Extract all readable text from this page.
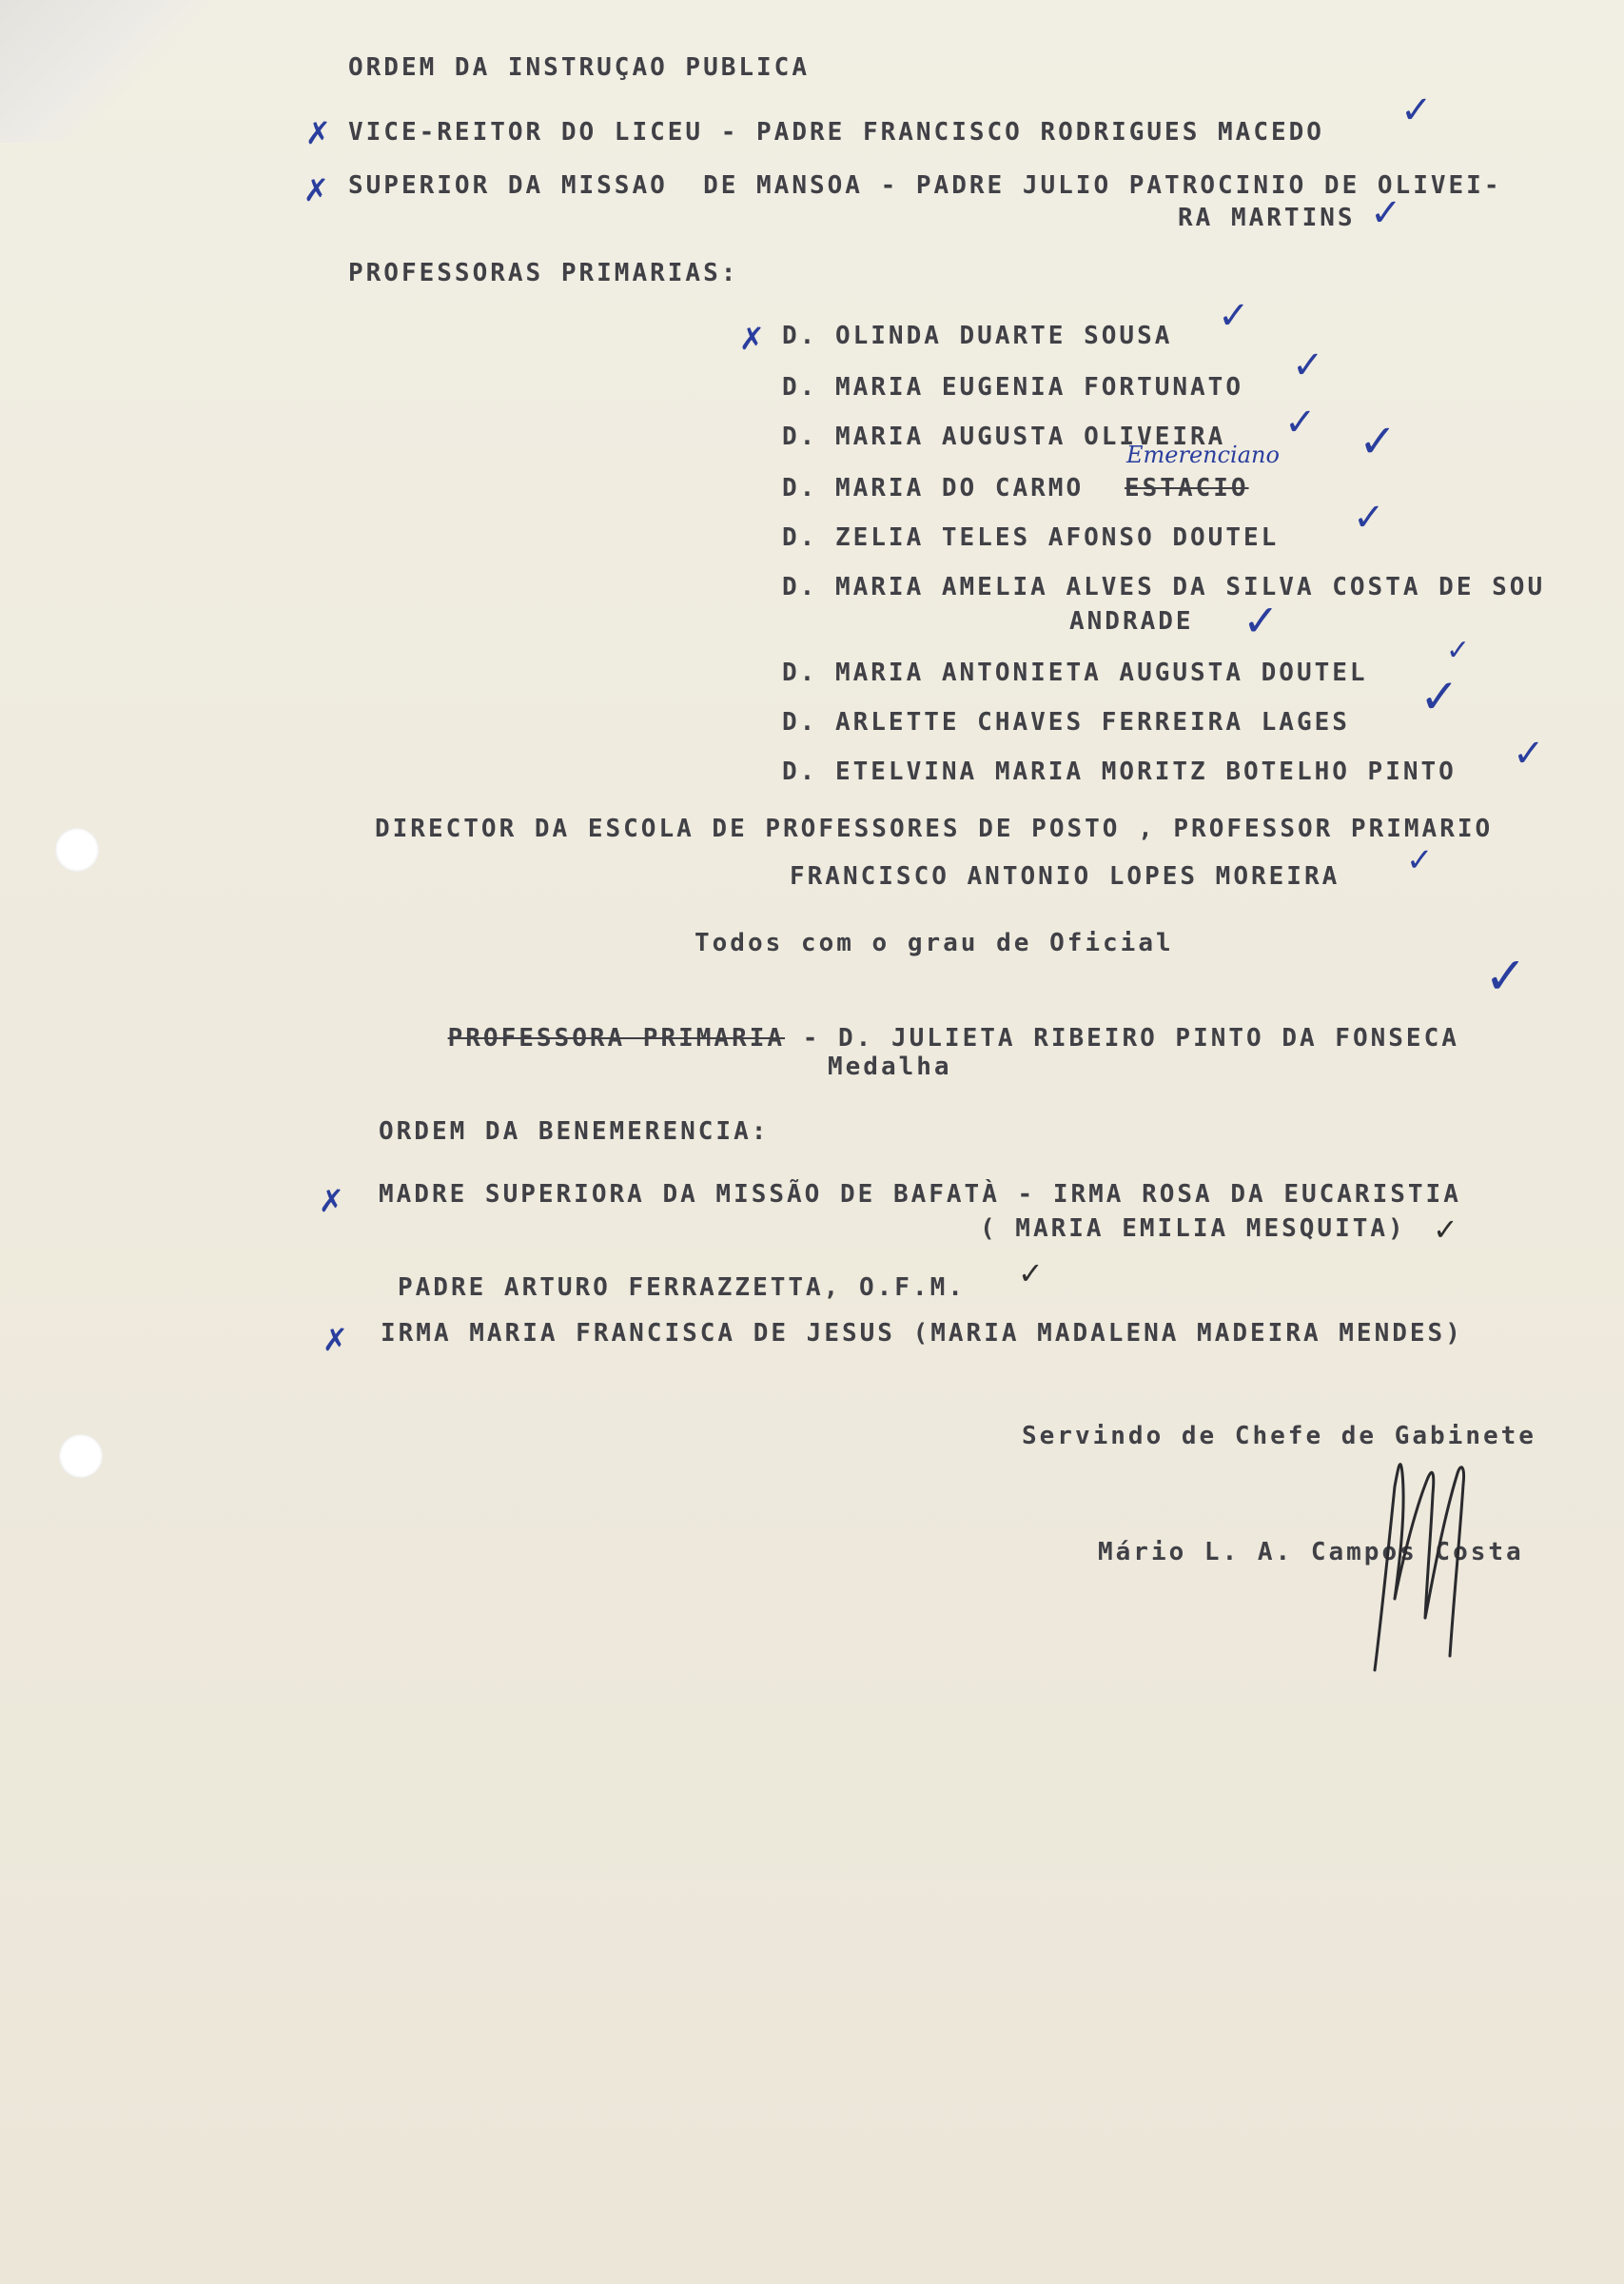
ORDEM DA INSTRUÇAO PUBLICA
✗ VICE-REITOR DO LICEU - PADRE FRANCISCO RODRIGUES MACEDO ✓
✗ SUPERIOR DA MISSAO  DE MANSOA - PADRE JULIO PATROCINIO DE OLIVEI-
RA MARTINS ✓
PROFESSORAS PRIMARIAS:
✗ D. OLINDA DUARTE SOUSA ✓
D. MARIA EUGENIA FORTUNATO ✓
D. MARIA AUGUSTA OLIVEIRA ✓
D. MARIA DO CARMO ESTACIO
Emerenciano ✓
D. ZELIA TELES AFONSO DOUTEL ✓
D. MARIA AMELIA ALVES DA SILVA COSTA DE SOU
ANDRADE ✓
D. MARIA ANTONIETA AUGUSTA DOUTEL
✓
D. ARLETTE CHAVES FERREIRA LAGES ✓
D. ETELVINA MARIA MORITZ BOTELHO PINTO ✓
DIRECTOR DA ESCOLA DE PROFESSORES DE POSTO , PROFESSOR PRIMARIO
FRANCISCO ANTONIO LOPES MOREIRA ✓
Todos com o grau de Oficial

PROFESSORA PRIMARIA - D. JULIETA RIBEIRO PINTO DA FONSECA

✓
Medalha
ORDEM DA BENEMERENCIA:
✗ MADRE SUPERIORA DA MISSÃO DE BAFATÀ - IRMA ROSA DA EUCARISTIA
( MARIA EMILIA MESQUITA) ✓
PADRE ARTURO FERRAZZETTA, O.F.M. ✓
✗ IRMA MARIA FRANCISCA DE JESUS (MARIA MADALENA MADEIRA MENDES)
Servindo de Chefe de Gabinete
Mário L. A. Campos Costa
